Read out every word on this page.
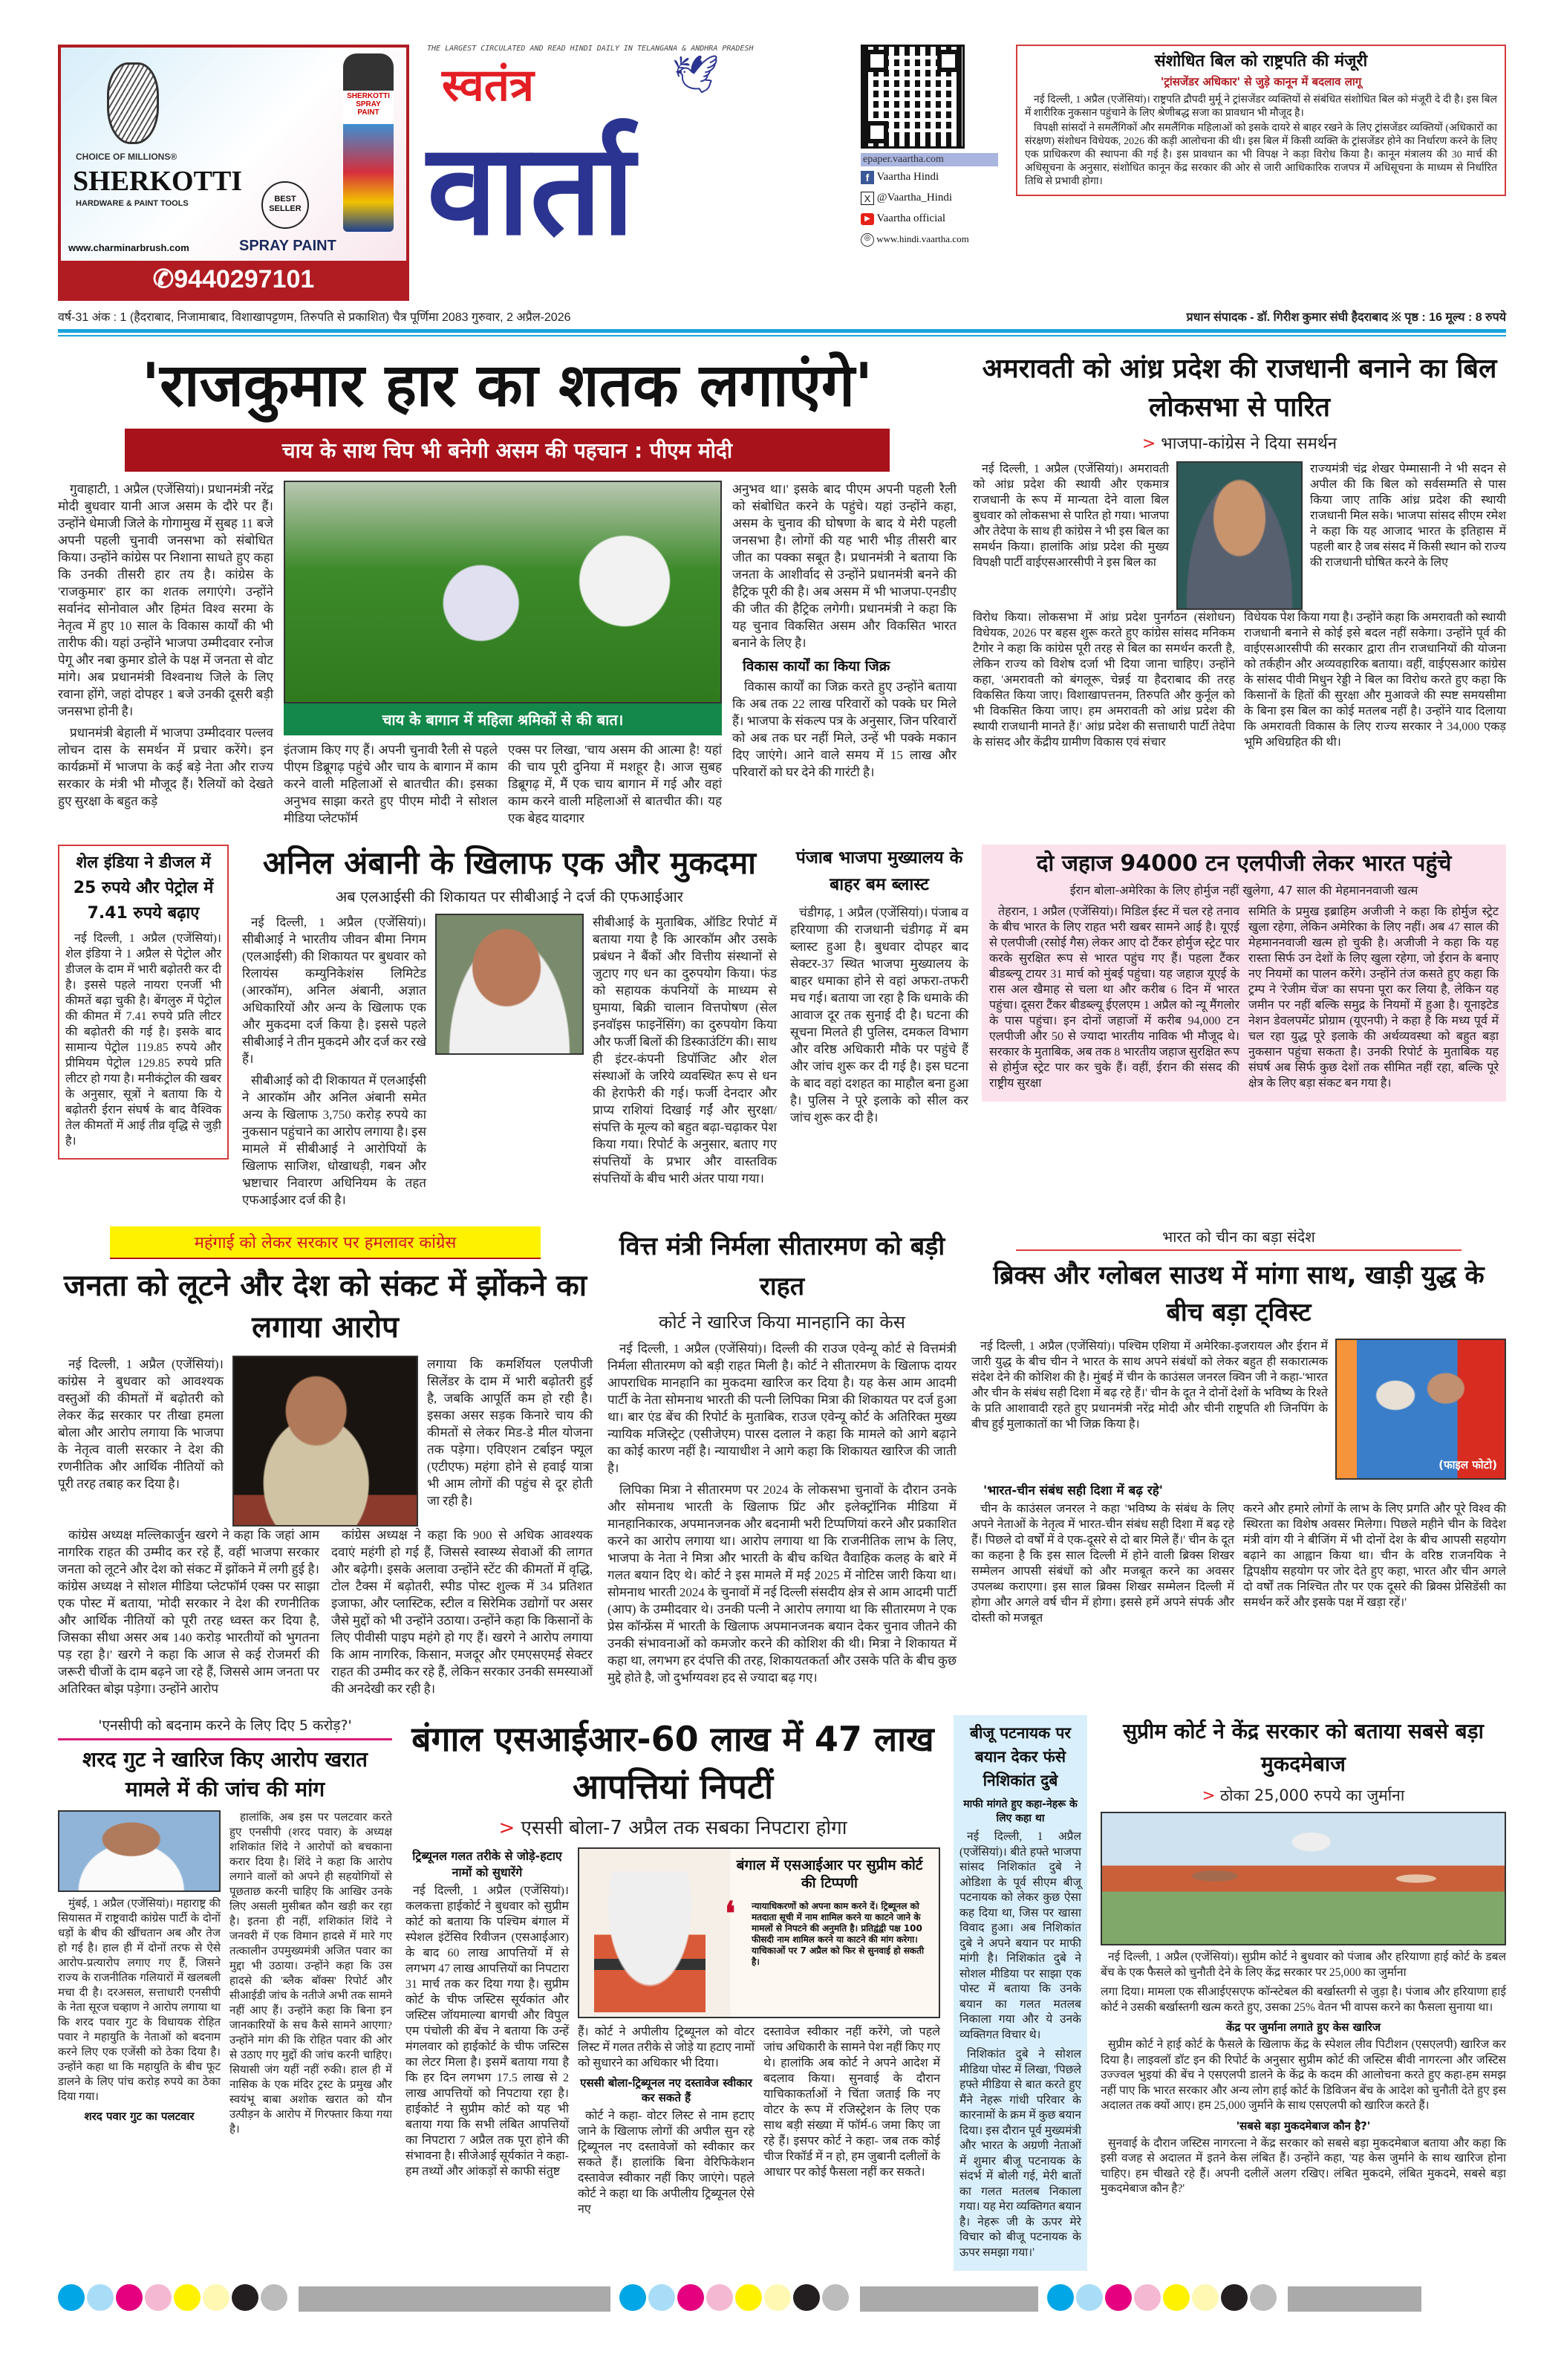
CHOICE OF MILLIONS®
SHERKOTTI
HARDWARE & PAINT TOOLS	BEST SELLER
SHERKOTTI SPRAY PAINT
www.charminarbrush.com	SPRAY PAINT
✆9440297101
THE LARGEST CIRCULATED AND READ HINDI DAILY IN TELANGANA & ANDHRA PRADESH
स्वतंत्र	🕊
वार्ता	epaper.vaartha.com
f Vaartha Hindi
X @Vaartha_Hindi
▶ Vaartha official
◎ www.hindi.vaartha.com
संशोधित बिल को राष्ट्रपति की मंजूरी
'ट्रांसजेंडर अधिकार' से जुड़े कानून में बदलाव लागू

नई दिल्ली, 1 अप्रैल (एजेंसियां)। राष्ट्रपति द्रौपदी मुर्मू ने ट्रांसजेंडर व्यक्तियों से संबंधित संशोधित बिल को मंजूरी दे दी है। इस बिल में शारीरिक नुकसान पहुंचाने के लिए श्रेणीबद्ध सजा का प्रावधान भी मौजूद है।

विपक्षी सांसदों ने समलैंगिकों और समलैंगिक महिलाओं को इसके दायरे से बाहर रखने के लिए ट्रांसजेंडर व्यक्तियों (अधिकारों का संरक्षण) संशोधन विधेयक, 2026 की कड़ी आलोचना की थी। इस बिल में किसी व्यक्ति के ट्रांसजेंडर होने का निर्धारण करने के लिए एक प्राधिकरण की स्थापना की गई है। इस प्रावधान का भी विपक्ष ने कड़ा विरोध किया है। कानून मंत्रालय की 30 मार्च की अधिसूचना के अनुसार, संशोधित कानून केंद्र सरकार की ओर से जारी आधिकारिक राजपत्र में अधिसूचना के माध्यम से निर्धारित तिथि से प्रभावी होगा।

वर्ष-31 अंक : 1 (हैदराबाद, निजामाबाद, विशाखापट्टणम, तिरुपति से प्रकाशित) चैत्र पूर्णिमा 2083 गुरुवार, 2 अप्रैल-2026	प्रधान संपादक - डॉ. गिरीश कुमार संघी हैदराबाद ※ पृष्ठ : 16 मूल्य : 8 रुपये
'राजकुमार हार का शतक लगाएंगे'
चाय के साथ चिप भी बनेगी असम की पहचान : पीएम मोदी

गुवाहाटी, 1 अप्रैल (एजेंसियां)। प्रधानमंत्री नरेंद्र मोदी बुधवार यानी आज असम के दौरे पर हैं। उन्होंने धेमाजी जिले के गोगामुख में सुबह 11 बजे अपनी पहली चुनावी जनसभा को संबोधित किया। उन्होंने कांग्रेस पर निशाना साधते हुए कहा कि उनकी तीसरी हार तय है। कांग्रेस के 'राजकुमार' हार का शतक लगाएंगे। उन्होंने सर्वानंद सोनोवाल और हिमंत विश्व सरमा के नेतृत्व में हुए 10 साल के विकास कार्यों की भी तारीफ की। यहां उन्होंने भाजपा उम्मीदवार रनोज पेगू और नबा कुमार डोले के पक्ष में जनता से वोट मांगे। अब प्रधानमंत्री विश्वनाथ जिले के लिए रवाना होंगे, जहां दोपहर 1 बजे उनकी दूसरी बड़ी जनसभा होनी है।

प्रधानमंत्री बेहाली में भाजपा उम्मीदवार पल्लव लोचन दास के समर्थन में प्रचार करेंगे। इन कार्यक्रमों में भाजपा के कई बड़े नेता और राज्य सरकार के मंत्री भी मौजूद हैं। रैलियों को देखते हुए सुरक्षा के बहुत कड़े

चाय के बागान में महिला श्रमिकों से की बात।

इंतजाम किए गए हैं। अपनी चुनावी रैली से पहले पीएम डिब्रूगढ़ पहुंचे और चाय के बागान में काम करने वाली महिलाओं से बातचीत की। इसका अनुभव साझा करते हुए पीएम मोदी ने सोशल मीडिया प्लेटफॉर्म

एक्स पर लिखा, 'चाय असम की आत्मा है! यहां की चाय पूरी दुनिया में मशहूर है। आज सुबह डिब्रूगढ़ में, मैं एक चाय बागान में गई और वहां काम करने वाली महिलाओं से बातचीत की। यह एक बेहद यादगार

अनुभव था।' इसके बाद पीएम अपनी पहली रैली को संबोधित करने के पहुंचे। यहां उन्होंने कहा, असम के चुनाव की घोषणा के बाद ये मेरी पहली जनसभा है। लोगों की यह भारी भीड़ तीसरी बार जीत का पक्का सबूत है। प्रधानमंत्री ने बताया कि जनता के आशीर्वाद से उन्होंने प्रधानमंत्री बनने की हैट्रिक पूरी की है। अब असम में भी भाजपा-एनडीए की जीत की हैट्रिक लगेगी। प्रधानमंत्री ने कहा कि यह चुनाव विकसित असम और विकसित भारत बनाने के लिए है।

विकास कार्यों का किया जिक्र

विकास कार्यों का जिक्र करते हुए उन्होंने बताया कि अब तक 22 लाख परिवारों को पक्के घर मिले हैं। भाजपा के संकल्प पत्र के अनुसार, जिन परिवारों को अब तक घर नहीं मिले, उन्हें भी पक्के मकान दिए जाएंगे। आने वाले समय में 15 लाख और परिवारों को घर देने की गारंटी है।

अमरावती को आंध्र प्रदेश की राजधानी बनाने का बिल लोकसभा से पारित
> भाजपा-कांग्रेस ने दिया समर्थन

नई दिल्ली, 1 अप्रैल (एजेंसियां)। अमरावती को आंध्र प्रदेश की स्थायी और एकमात्र राजधानी के रूप में मान्यता देने वाला बिल बुधवार को लोकसभा से पारित हो गया। भाजपा और तेदेपा के साथ ही कांग्रेस ने भी इस बिल का समर्थन किया। हालांकि आंध्र प्रदेश की मुख्य विपक्षी पार्टी वाईएसआरसीपी ने इस बिल का

राज्यमंत्री चंद्र शेखर पेम्मासानी ने भी सदन से अपील की कि बिल को सर्वसम्मति से पास किया जाए ताकि आंध्र प्रदेश की स्थायी राजधानी मिल सके। भाजपा सांसद सीएम रमेश ने कहा कि यह आजाद भारत के इतिहास में पहली बार है जब संसद में किसी स्थान को राज्य की राजधानी घोषित करने के लिए

विरोध किया। लोकसभा में आंध्र प्रदेश पुनर्गठन (संशोधन) विधेयक, 2026 पर बहस शुरू करते हुए कांग्रेस सांसद मनिकम टैगोर ने कहा कि कांग्रेस पूरी तरह से बिल का समर्थन करती है, लेकिन राज्य को विशेष दर्जा भी दिया जाना चाहिए। उन्होंने कहा, 'अमरावती को बंगलूरू, चेन्नई या हैदराबाद की तरह विकसित किया जाए। विशाखापत्तनम, तिरुपति और कुर्नूल को भी विकसित किया जाए। हम अमरावती को आंध्र प्रदेश की स्थायी राजधानी मानते हैं।' आंध्र प्रदेश की सत्ताधारी पार्टी तेदेपा के सांसद और केंद्रीय ग्रामीण विकास एवं संचार

विधेयक पेश किया गया है। उन्होंने कहा कि अमरावती को स्थायी राजधानी बनाने से कोई इसे बदल नहीं सकेगा। उन्होंने पूर्व की वाईएसआरसीपी की सरकार द्वारा तीन राजधानियों की योजना को तर्कहीन और अव्यवहारिक बताया। वहीं, वाईएसआर कांग्रेस के सांसद पीवी मिधुन रेड्डी ने बिल का विरोध करते हुए कहा कि किसानों के हितों की सुरक्षा और मुआवजे की स्पष्ट समयसीमा के बिना इस बिल का कोई मतलब नहीं है। उन्होंने याद दिलाया कि अमरावती विकास के लिए राज्य सरकार ने 34,000 एकड़ भूमि अधिग्रहित की थी।

शेल इंडिया ने डीजल में 25 रुपये और पेट्रोल में 7.41 रुपये बढ़ाए

नई दिल्ली, 1 अप्रैल (एजेंसियां)। शेल इंडिया ने 1 अप्रैल से पेट्रोल और डीजल के दाम में भारी बढ़ोतरी कर दी है। इससे पहले नायरा एनर्जी भी कीमतें बढ़ा चुकी है। बेंगलुरु में पेट्रोल की कीमत में 7.41 रुपये प्रति लीटर की बढ़ोतरी की गई है। इसके बाद सामान्य पेट्रोल 119.85 रुपये और प्रीमियम पेट्रोल 129.85 रुपये प्रति लीटर हो गया है। मनीकंट्रोल की खबर के अनुसार, सूत्रों ने बताया कि ये बढ़ोतरी ईरान संघर्ष के बाद वैश्विक तेल कीमतों में आई तीव्र वृद्धि से जुड़ी है।

अनिल अंबानी के खिलाफ एक और मुकदमा
अब एलआईसी की शिकायत पर सीबीआई ने दर्ज की एफआईआर

नई दिल्ली, 1 अप्रैल (एजेंसियां)। सीबीआई ने भारतीय जीवन बीमा निगम (एलआईसी) की शिकायत पर बुधवार को रिलायंस कम्युनिकेशंस लिमिटेड (आरकॉम), अनिल अंबानी, अज्ञात अधिकारियों और अन्य के खिलाफ एक और मुकदमा दर्ज किया है। इससे पहले सीबीआई ने तीन मुकदमे और दर्ज कर रखे हैं।

सीबीआई को दी शिकायत में एलआईसी ने आरकॉम और अनिल अंबानी समेत अन्य के खिलाफ 3,750 करोड़ रुपये का नुकसान पहुंचाने का आरोप लगाया है। इस मामले में सीबीआई ने आरोपियों के खिलाफ साजिश, धोखाधड़ी, गबन और भ्रष्टाचार निवारण अधिनियम के तहत एफआईआर दर्ज की है।

सीबीआई के मुताबिक, ऑडिट रिपोर्ट में बताया गया है कि आरकॉम और उसके प्रबंधन ने बैंकों और वित्तीय संस्थानों से जुटाए गए धन का दुरुपयोग किया। फंड को सहायक कंपनियों के माध्यम से घुमाया, बिक्री चालान वित्तपोषण (सेल इनवॉइस फाइनेंसिंग) का दुरुपयोग किया और फर्जी बिलों की डिस्काउंटिंग की। साथ ही इंटर-कंपनी डिपॉजिट और शेल संस्थाओं के जरिये व्यवस्थित रूप से धन की हेराफेरी की गई। फर्जी देनदार और प्राप्य राशियां दिखाई गईं और सुरक्षा/संपत्ति के मूल्य को बहुत बढ़ा-चढ़ाकर पेश किया गया। रिपोर्ट के अनुसार, बताए गए संपत्तियों के प्रभार और वास्तविक संपत्तियों के बीच भारी अंतर पाया गया।

पंजाब भाजपा मुख्यालय के बाहर बम ब्लास्ट

चंडीगढ़, 1 अप्रैल (एजेंसियां)। पंजाब व हरियाणा की राजधानी चंडीगढ़ में बम ब्लास्ट हुआ है। बुधवार दोपहर बाद सेक्टर-37 स्थित भाजपा मुख्यालय के बाहर धमाका होने से वहां अफरा-तफरी मच गई। बताया जा रहा है कि धमाके की आवाज दूर तक सुनाई दी है। घटना की सूचना मिलते ही पुलिस, दमकल विभाग और वरिष्ठ अधिकारी मौके पर पहुंचे हैं और जांच शुरू कर दी गई है। इस घटना के बाद वहां दशहत का माहौल बना हुआ है। पुलिस ने पूरे इलाके को सील कर जांच शुरू कर दी है।

दो जहाज 94000 टन एलपीजी लेकर भारत पहुंचे
ईरान बोला-अमेरिका के लिए होर्मुज नहीं खुलेगा, 47 साल की मेहमाननवाजी खत्म

तेहरान, 1 अप्रैल (एजेंसियां)। मिडिल ईस्ट में चल रहे तनाव के बीच भारत के लिए राहत भरी खबर सामने आई है। यूएई से एलपीजी (रसोई गैस) लेकर आए दो टैंकर होर्मुज स्ट्रेट पार करके सुरक्षित रूप से भारत पहुंच गए हैं। पहला टैंकर बीडब्ल्यू टायर 31 मार्च को मुंबई पहुंचा। यह जहाज यूएई के रास अल खैमाह से चला था और करीब 6 दिन में भारत पहुंचा। दूसरा टैंकर बीडब्ल्यू ईएलएम 1 अप्रैल को न्यू मैंगलोर के पास पहुंचा। इन दोनों जहाजों में करीब 94,000 टन एलपीजी और 50 से ज्यादा भारतीय नाविक भी मौजूद थे। सरकार के मुताबिक, अब तक 8 भारतीय जहाज सुरक्षित रूप से होर्मुज स्ट्रेट पार कर चुके हैं। वहीं, ईरान की संसद की राष्ट्रीय सुरक्षा

समिति के प्रमुख इब्राहिम अजीजी ने कहा कि होर्मुज स्ट्रेट खुला रहेगा, लेकिन अमेरिका के लिए नहीं। अब 47 साल की मेहमाननवाजी खत्म हो चुकी है। अजीजी ने कहा कि यह रास्ता सिर्फ उन देशों के लिए खुला रहेगा, जो ईरान के बनाए नए नियमों का पालन करेंगे। उन्होंने तंज कसते हुए कहा कि ट्रम्प ने 'रेजीम चेंज' का सपना पूरा कर लिया है, लेकिन यह जमीन पर नहीं बल्कि समुद्र के नियमों में हुआ है। यूनाइटेड नेशन डेवलपमेंट प्रोग्राम (यूएनपी) ने कहा है कि मध्य पूर्व में चल रहा युद्ध पूरे इलाके की अर्थव्यवस्था को बहुत बड़ा नुकसान पहुंचा सकता है। उनकी रिपोर्ट के मुताबिक यह संघर्ष अब सिर्फ कुछ देशों तक सीमित नहीं रहा, बल्कि पूरे क्षेत्र के लिए बड़ा संकट बन गया है।

महंगाई को लेकर सरकार पर हमलावर कांग्रेस
जनता को लूटने और देश को संकट में झोंकने का लगाया आरोप

नई दिल्ली, 1 अप्रैल (एजेंसियां)। कांग्रेस ने बुधवार को आवश्यक वस्तुओं की कीमतों में बढ़ोतरी को लेकर केंद्र सरकार पर तीखा हमला बोला और आरोप लगाया कि भाजपा के नेतृत्व वाली सरकार ने देश की रणनीतिक और आर्थिक नीतियों को पूरी तरह तबाह कर दिया है।

लगाया कि कमर्शियल एलपीजी सिलेंडर के दाम में भारी बढ़ोतरी हुई है, जबकि आपूर्ति कम हो रही है। इसका असर सड़क किनारे चाय की कीमतों से लेकर मिड-डे मील योजना तक पड़ेगा। एविएशन टर्बाइन फ्यूल (एटीएफ) महंगा होने से हवाई यात्रा भी आम लोगों की पहुंच से दूर होती जा रही है।

कांग्रेस अध्यक्ष मल्लिकार्जुन खरगे ने कहा कि जहां आम नागरिक राहत की उम्मीद कर रहे हैं, वहीं भाजपा सरकार जनता को लूटने और देश को संकट में झोंकने में लगी हुई है। कांग्रेस अध्यक्ष ने सोशल मीडिया प्लेटफॉर्म एक्स पर साझा एक पोस्ट में बताया, 'मोदी सरकार ने देश की रणनीतिक और आर्थिक नीतियों को पूरी तरह ध्वस्त कर दिया है, जिसका सीधा असर अब 140 करोड़ भारतीयों को भुगतना पड़ रहा है।' खरगे ने कहा कि आज से कई रोजमर्रा की जरूरी चीजों के दाम बढ़ने जा रहे हैं, जिससे आम जनता पर अतिरिक्त बोझ पड़ेगा। उन्होंने आरोप

कांग्रेस अध्यक्ष ने कहा कि 900 से अधिक आवश्यक दवाएं महंगी हो गई हैं, जिससे स्वास्थ्य सेवाओं की लागत और बढ़ेगी। इसके अलावा उन्होंने स्टेंट की कीमतों में वृद्धि, टोल टैक्स में बढ़ोतरी, स्पीड पोस्ट शुल्क में 34 प्रतिशत इजाफा, और प्लास्टिक, स्टील व सिरेमिक उद्योगों पर असर जैसे मुद्दों को भी उन्होंने उठाया। उन्होंने कहा कि किसानों के लिए पीवीसी पाइप महंगे हो गए हैं। खरगे ने आरोप लगाया कि आम नागरिक, किसान, मजदूर और एमएसएमई सेक्टर राहत की उम्मीद कर रहे हैं, लेकिन सरकार उनकी समस्याओं की अनदेखी कर रही है।

वित्त मंत्री निर्मला सीतारमण को बड़ी राहत
कोर्ट ने खारिज किया मानहानि का केस

नई दिल्ली, 1 अप्रैल (एजेंसियां)। दिल्ली की राउज एवेन्यू कोर्ट से वित्तमंत्री निर्मला सीतारमण को बड़ी राहत मिली है। कोर्ट ने सीतारमण के खिलाफ दायर आपराधिक मानहानि का मुकदमा खारिज कर दिया है। यह केस आम आदमी पार्टी के नेता सोमनाथ भारती की पत्नी लिपिका मित्रा की शिकायत पर दर्ज हुआ था। बार एंड बेंच की रिपोर्ट के मुताबिक, राउज एवेन्यू कोर्ट के अतिरिक्त मुख्य न्यायिक मजिस्ट्रेट (एसीजेएम) पारस दलाल ने कहा कि मामले को आगे बढ़ाने का कोई कारण नहीं है। न्यायाधीश ने आगे कहा कि शिकायत खारिज की जाती है।

लिपिका मित्रा ने सीतारमण पर 2024 के लोकसभा चुनावों के दौरान उनके और सोमनाथ भारती के खिलाफ प्रिंट और इलेक्ट्रॉनिक मीडिया में मानहानिकारक, अपमानजनक और बदनामी भरी टिप्पणियां करने और प्रकाशित करने का आरोप लगाया था। आरोप लगाया था कि राजनीतिक लाभ के लिए, भाजपा के नेता ने मित्रा और भारती के बीच कथित वैवाहिक कलह के बारे में गलत बयान दिए थे। कोर्ट ने इस मामले में मई 2025 में नोटिस जारी किया था। सोमनाथ भारती 2024 के चुनावों में नई दिल्ली संसदीय क्षेत्र से आम आदमी पार्टी (आप) के उम्मीदवार थे। उनकी पत्नी ने आरोप लगाया था कि सीतारमण ने एक प्रेस कॉन्फ्रेंस में भारती के खिलाफ अपमानजनक बयान देकर चुनाव जीतने की उनकी संभावनाओं को कमजोर करने की कोशिश की थी। मित्रा ने शिकायत में कहा था, लगभग हर दंपत्ति की तरह, शिकायतकर्ता और उसके पति के बीच कुछ मुद्दे होते है, जो दुर्भाग्यवश हद से ज्यादा बढ़ गए।

भारत को चीन का बड़ा संदेश
ब्रिक्स और ग्लोबल साउथ में मांगा साथ, खाड़ी युद्ध के बीच बड़ा ट्विस्ट

नई दिल्ली, 1 अप्रैल (एजेंसियां)। पश्चिम एशिया में अमेरिका-इजरायल और ईरान में जारी युद्ध के बीच चीन ने भारत के साथ अपने संबंधों को लेकर बहुत ही सकारात्मक संदेश देने की कोशिश की है। मुंबई में चीन के काउंसल जनरल क्विन जी ने कहा-'भारत और चीन के संबंध सही दिशा में बढ़ रहे हैं।' चीन के दूत ने दोनों देशों के भविष्य के रिश्ते के प्रति आशावादी रहते हुए प्रधानमंत्री नरेंद्र मोदी और चीनी राष्ट्रपति शी जिनपिंग के बीच हुई मुलाकातों का भी जिक्र किया है।

(फाइल फोटो)
'भारत-चीन संबंध सही दिशा में बढ़ रहे'

चीन के काउंसल जनरल ने कहा 'भविष्य के संबंध के लिए अपने नेताओं के नेतृत्व में भारत-चीन संबंध सही दिशा में बढ़ रहे हैं। पिछले दो वर्षों में वे एक-दूसरे से दो बार मिले हैं।' चीन के दूत का कहना है कि इस साल दिल्ली में होने वाली ब्रिक्स शिखर सम्मेलन आपसी संबंधों को और मजबूत करने का अवसर उपलब्ध कराएगा। इस साल ब्रिक्स शिखर सम्मेलन दिल्ली में होगा और अगले वर्ष चीन में होगा। इससे हमें अपने संपर्क और दोस्ती को मजबूत

करने और हमारे लोगों के लाभ के लिए प्रगति और पूरे विश्व की स्थिरता का विशेष अवसर मिलेगा। पिछले महीने चीन के विदेश मंत्री वांग यी ने बीजिंग में भी दोनों देश के बीच आपसी सहयोग बढ़ाने का आह्वान किया था। चीन के वरिष्ठ राजनयिक ने द्विपक्षीय सहयोग पर जोर देते हुए कहा, भारत और चीन अगले दो वर्षों तक निश्चित तौर पर एक दूसरे की ब्रिक्स प्रेसिडेंसी का समर्थन करें और इसके पक्ष में खड़ा रहें।'

'एनसीपी को बदनाम करने के लिए दिए 5 करोड़?'
शरद गुट ने खारिज किए आरोप खरात मामले में की जांच की मांग

मुंबई, 1 अप्रैल (एजेंसियां)। महाराष्ट्र की सियासत में राष्ट्रवादी कांग्रेस पार्टी के दोनों धड़ों के बीच की खींचतान अब और तेज हो गई है। हाल ही में दोनों तरफ से ऐसे आरोप-प्रत्यारोप लगाए गए हैं, जिसने राज्य के राजनीतिक गलियारों में खलबली मचा दी है। दरअसल, सत्ताधारी एनसीपी के नेता सूरज चव्हाण ने आरोप लगाया था कि शरद पवार गुट के विधायक रोहित पवार ने महायुति के नेताओं को बदनाम करने लिए एक एजेंसी को ठेका दिया है। उन्होंने कहा था कि महायुति के बीच फूट डालने के लिए पांच करोड़ रुपये का ठेका दिया गया।

शरद पवार गुट का पलटवार

हालांकि, अब इस पर पलटवार करते हुए एनसीपी (शरद पवार) के अध्यक्ष शशिकांत शिंदे ने आरोपों को बचकाना करार दिया है। शिंदे ने कहा कि आरोप लगाने वालों को अपने ही सहयोगियों से पूछताछ करनी चाहिए कि आखिर उनके लिए असली मुसीबत कौन खड़ी कर रहा है। इतना ही नहीं, शशिकांत शिंदे ने जनवरी में एक विमान हादसे में मारे गए तत्कालीन उपमुख्यमंत्री अजित पवार का मुद्दा भी उठाया। उन्होंने कहा कि उस हादसे की 'ब्लैक बॉक्स' रिपोर्ट और सीआईडी जांच के नतीजे अभी तक सामने नहीं आए हैं। उन्होंने कहा कि बिना इन जानकारियों के सच कैसे सामने आएगा? उन्होंने मांग की कि रोहित पवार की ओर से उठाए गए मुद्दों की जांच करनी चाहिए। सियासी जंग यहीं नहीं रुकी। हाल ही में नासिक के एक मंदिर ट्रस्ट के प्रमुख और स्वयंभू बाबा अशोक खरात को यौन उत्पीड़न के आरोप में गिरफ्तार किया गया है।

बंगाल एसआईआर-60 लाख में 47 लाख आपत्तियां निपटीं
> एससी बोला-7 अप्रैल तक सबका निपटारा होगा
ट्रिब्यूनल गलत तरीके से जोड़े-हटाए नामों को सुधारेंगे

नई दिल्ली, 1 अप्रैल (एजेंसियां)। कलकत्ता हाईकोर्ट ने बुधवार को सुप्रीम कोर्ट को बताया कि पश्चिम बंगाल में स्पेशल इंटेंसिव रिवीजन (एसआईआर) के बाद 60 लाख आपत्तियों में से लगभग 47 लाख आपत्तियों का निपटारा 31 मार्च तक कर दिया गया है। सुप्रीम कोर्ट के चीफ जस्टिस सूर्यकांत और जस्टिस जॉयमाल्या बागची और विपुल एम पंचोली की बेंच ने बताया कि उन्हें मंगलवार को हाईकोर्ट के चीफ जस्टिस का लेटर मिला है। इसमें बताया गया है कि हर दिन लगभग 17.5 लाख से 2 लाख आपत्तियों को निपटाया रहा है। हाईकोर्ट ने सुप्रीम कोर्ट को यह भी बताया गया कि सभी लंबित आपत्तियों का निपटारा 7 अप्रैल तक पूरा होने की संभावना है। सीजेआई सूर्यकांत ने कहा-हम तथ्यों और आंकड़ों से काफी संतुष्ट

बंगाल में एसआईआर पर सुप्रीम कोर्ट की टिप्पणी
❛ न्यायाधिकरणों को अपना काम करने दें। ट्रिब्यूनल को मतदाता सूची में नाम शामिल करने या काटने जाने के मामलों से निपटने की अनुमति है। प्रतिद्वंद्वी पक्ष 100 फीसदी नाम शामिल करने या काटने की मांग करेगा। याचिकाओं पर 7 अप्रैल को फिर से सुनवाई हो सकती है।

हैं। कोर्ट ने अपीलीय ट्रिब्यूनल को वोटर लिस्ट में गलत तरीके से जोड़े या हटाए नामों को सुधारने का अधिकार भी दिया।

एससी बोला-ट्रिब्यूनल नए दस्तावेज स्वीकार कर सकते हैं

कोर्ट ने कहा- वोटर लिस्ट से नाम हटाए जाने के खिलाफ लोगों की अपील सुन रहे ट्रिब्यूनल नए दस्तावेजों को स्वीकार कर सकते हैं। हालांकि बिना वेरिफिकेशन दस्तावेज स्वीकार नहीं किए जाएंगे। पहले कोर्ट ने कहा था कि अपीलीय ट्रिब्यूनल ऐसे नए

दस्तावेज स्वीकार नहीं करेंगे, जो पहले जांच अधिकारी के सामने पेश नहीं किए गए थे। हालांकि अब कोर्ट ने अपने आदेश में बदलाव किया। सुनवाई के दौरान याचिकाकर्ताओं ने चिंता जताई कि नए वोटर के रूप में रजिस्ट्रेशन के लिए एक साथ बड़ी संख्या में फॉर्म-6 जमा किए जा रहे हैं। इसपर कोर्ट ने कहा- जब तक कोई चीज रिकॉर्ड में न हो, हम जुबानी दलीलों के आधार पर कोई फैसला नहीं कर सकते।

बीजू पटनायक पर बयान देकर फंसे निशिकांत दुबे
माफी मांगते हुए कहा-नेहरू के लिए कहा था

नई दिल्ली, 1 अप्रैल (एजेंसियां)। बीते हफ्ते भाजपा सांसद निशिकांत दुबे ने ओडिशा के पूर्व सीएम बीजू पटनायक को लेकर कुछ ऐसा कह दिया था, जिस पर खासा विवाद हुआ। अब निशिकांत दुबे ने अपने बयान पर माफी मांगी है। निशिकांत दुबे ने सोशल मीडिया पर साझा एक पोस्ट में बताया कि उनके बयान का गलत मतलब निकाला गया और ये उनके व्यक्तिगत विचार थे।

निशिकांत दुबे ने सोशल मीडिया पोस्ट में लिखा, 'पिछले हफ्ते मीडिया से बात करते हुए मैंने नेहरू गांधी परिवार के कारनामों के क्रम में कुछ बयान दिया। इस दौरान पूर्व मुख्यमंत्री और भारत के अग्रणी नेताओं में शुमार बीजू पटनायक के संदर्भ में बोली गई, मेरी बातों का गलत मतलब निकाला गया। यह मेरा व्यक्तिगत बयान है। नेहरू जी के ऊपर मेरे विचार को बीजू पटनायक के ऊपर समझा गया।'

सुप्रीम कोर्ट ने केंद्र सरकार को बताया सबसे बड़ा मुकदमेबाज
> ठोका 25,000 रुपये का जुर्माना

नई दिल्ली, 1 अप्रैल (एजेंसियां)। सुप्रीम कोर्ट ने बुधवार को पंजाब और हरियाणा हाई कोर्ट के डबल बेंच के एक फैसले को चुनौती देने के लिए केंद्र सरकार पर 25,000 का जुर्माना

लगा दिया। मामला एक सीआईएसएफ कॉन्स्टेबल की बर्खास्तगी से जुड़ा है। पंजाब और हरियाणा हाई कोर्ट ने उसकी बर्खास्तगी खत्म करते हुए, उसका 25% वेतन भी वापस करने का फैसला सुनाया था।

केंद्र पर जुर्माना लगाते हुए केस खारिज

सुप्रीम कोर्ट ने हाई कोर्ट के फैसले के खिलाफ केंद्र के स्पेशल लीव पिटीशन (एसएलपी) खारिज कर दिया है। लाइवलॉ डॉट इन की रिपोर्ट के अनुसार सुप्रीम कोर्ट की जस्टिस बीवी नागरत्ना और जस्टिस उज्ज्वल भुइयां की बेंच ने एसएलपी डालने के केंद्र के कदम की आलोचना करते हुए कहा-हम समझ नहीं पाए कि भारत सरकार और अन्य लोग हाई कोर्ट के डिविजन बेंच के आदेश को चुनौती देते हुए इस अदालत तक क्यों आए। हम 25,000 जुर्माने के साथ एसएलपी को खारिज करते हैं।

'सबसे बड़ा मुकदमेबाज कौन है?'

सुनवाई के दौरान जस्टिस नागरत्ना ने केंद्र सरकार को सबसे बड़ा मुकदमेबाज बताया और कहा कि इसी वजह से अदालत में इतने केस लंबित हैं। उन्होंने कहा, 'यह केस जुर्माने के साथ खारिज होना चाहिए। हम चीखते रहे हैं। अपनी दलीलें अलग रखिए। लंबित मुकदमे, लंबित मुकदमे, सबसे बड़ा मुकदमेबाज कौन है?'
